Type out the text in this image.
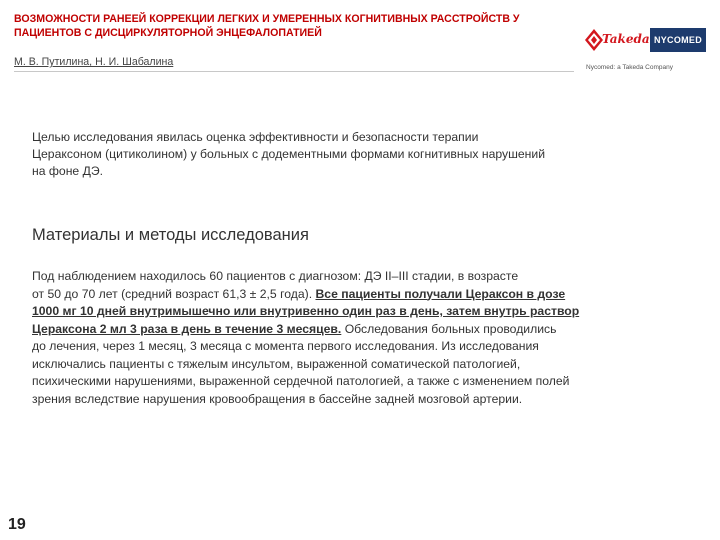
ВОЗМОЖНОСТИ РАНЕЕЙ КОРРЕКЦИИ ЛЕГКИХ И УМЕРЕННЫХ КОГНИТИВНЫХ РАССТРОЙСТВ У
ПАЦИЕНТОВ С ДИСЦИРКУЛЯТОРНОЙ ЭНЦЕФАЛОПАТИЕЙ
М. В. Путилина, Н. И. Шабалина
Takeda NYCOMED
Nycomed: a Takeda Company
Целью исследования явилась оценка эффективности и безопасности терапии
Цераксоном (цитиколином) у больных с додементными формами когнитивных нарушений
на фоне ДЭ.
Материалы и методы исследования
Под наблюдением находилось 60 пациентов с диагнозом: ДЭ II–III стадии, в возрасте
от 50 до 70 лет (средний возраст 61,3 ± 2,5 года). Все пациенты получали Цераксон в дозе
1000 мг 10 дней внутримышечно или внутривенно один раз в день, затем внутрь раствор
Цераксона 2 мл 3 раза в день в течение 3 месяцев. Обследования больных проводились
до лечения, через 1 месяц, 3 месяца с момента первого исследования. Из исследования
исключались пациенты с тяжелым инсультом, выраженной соматической патологией,
психическими нарушениями, выраженной сердечной патологией, а также с изменением полей
зрения вследствие нарушения кровообращения в бассейне задней мозговой артерии.
19
